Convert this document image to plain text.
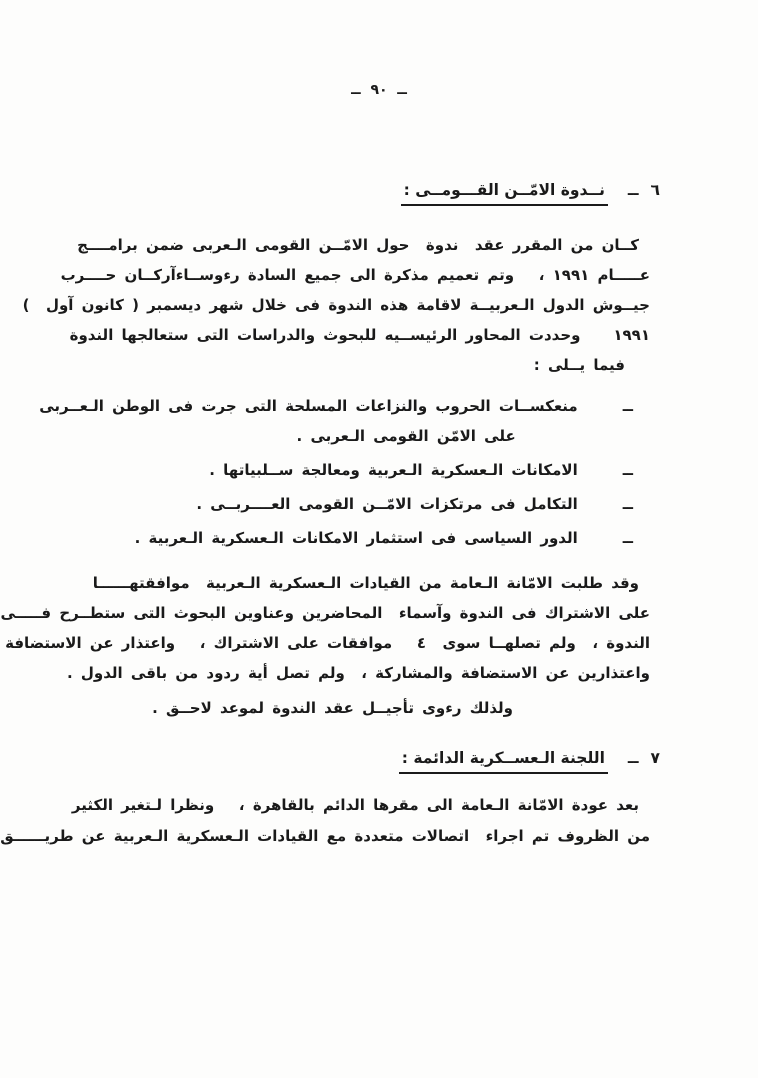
ــ  ٩٠  ــ
٦
ــ
نــدوة الامّــن القـــومــى :
كــان من المقرر عقد  ندوة  حول الامّــن القومى الـعربى ضمن برامــــج
عـــــام ١٩٩١ ،   وتم تعميم مذكرة الى جميع السادة رءوســاءآركــان حــــرب
جيــوش الدول الـعربيــة لاقامة هذه الندوة فى خلال شهر ديسمبر ( كانون آول  )
١٩٩١    وحددت المحاور الرئيســيه للبحوث والدراسات التى ستعالجها الندوة
فيما يــلى :
ــ
منعكســات الحروب والنزاعات المسلحة التى جرت فى الوطن الـعــربى
على الامّن القومى الـعربى .
ــ
الامكانات الـعسكرية الـعربية ومعالجة ســلبياتها .
ــ
التكامل فى مرتكزات الامّــن القومى العــــربــى .
ــ
الدور السياسى فى استثمار الامكانات الـعسكرية الـعربية .
وقد طلبت الامّانة الـعامة من القيادات الـعسكرية الـعربية  موافقتهــــــا
على الاشتراك فى الندوة وآسماء  المحاضرين وعناوين البحوث التى ستطــرح فـــــى
الندوة ،  ولم تصلهــا سوى  ٤   موافقات على الاشتراك ،   واعتذار عن الاستضافة
واعتذارين عن الاستضافة والمشاركة ،  ولم تصل أية ردود من باقى الدول .
ولذلك رءوى تأجيــل عقد الندوة لموعد لاحــق .
٧
ــ
اللجنة الـعســكرية الدائمة :
بعد عودة الامّانة الـعامة الى مقرها الدائم بالقاهرة ،   ونظرا لـتغير الكثير
من الظروف تم اجراء  اتصالات متعددة مع القيادات الـعسكرية الـعربية عن طريــــــق
